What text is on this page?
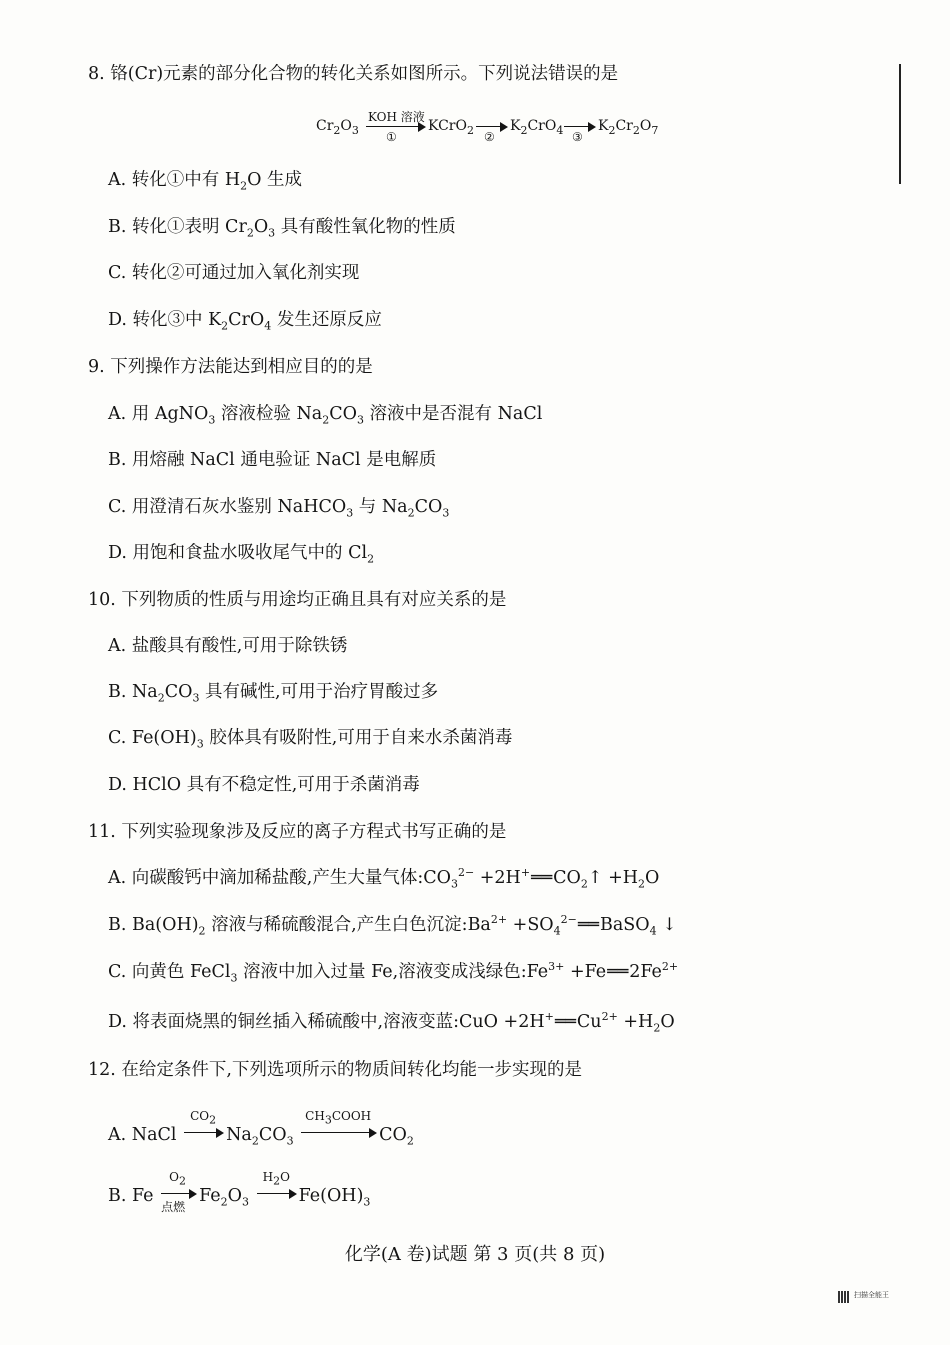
8. 铬(Cr)元素的部分化合物的转化关系如图所示。下列说法错误的是
$Cr_2O_3$
KOH 溶液
①
KCrO$_2$ ②
$K_2CrO_4$ ③
$K_2Cr_2O_7$
A. 转化①中有 $H_2O$ 生成
B. 转化①表明 $Cr_2O_3$ 具有酸性氧化物的性质
C. 转化②可通过加入氧化剂实现
D. 转化③中 $K_2CrO_4$ 发生还原反应
9. 下列操作方法能达到相应目的的是
A. 用 AgNO$_3$ 溶液检验 $Na_2CO_3$ 溶液中是否混有 NaCl
B. 用熔融 NaCl 通电验证 NaCl 是电解质
C. 用澄清石灰水鉴别 NaHCO$_3$ 与 $Na_2CO_3$
D. 用饱和食盐水吸收尾气中的 $Cl_2$
10. 下列物质的性质与用途均正确且具有对应关系的是
A. 盐酸具有酸性,可用于除铁锈
B. $Na_2CO_3$ 具有碱性,可用于治疗胃酸过多
C. $Fe(OH)_3$ 胶体具有吸附性,可用于自来水杀菌消毒
D. HClO 具有不稳定性,可用于杀菌消毒
11. 下列实验现象涉及反应的离子方程式书写正确的是
A. 向碳酸钙中滴加稀盐酸,产生大量气体$:CO_3^{2-}$ $+2H^+══CO_2↑ +H_2O$
B. $Ba(OH)_2$ 溶液与稀硫酸混合,产生白色沉淀$:Ba^{2+}$ $+SO_4^{2-}══BaSO_4$ ↓
C. 向黄色 FeCl$_3$ 溶液中加入过量 Fe,溶液变成浅绿色$:Fe^{3+}$ $+Fe══2Fe^{2+}$
D. 将表面烧黑的铜丝插入稀硫酸中,溶液变蓝:CuO $+2H^+══Cu^{2+} +H_2O$
12. 在给定条件下,下列选项所示的物质间转化均能一步实现的是
A. NaCl
$CO_2$
$Na_2CO_3$
$CH_3COOH$
$CO_2$
B. Fe
$O_2$
点燃
$Fe_2O_3$
$H_2O$
$Fe(OH)_3$
化学(A 卷)试题 第 3 页(共 8 页)
扫描全能王
